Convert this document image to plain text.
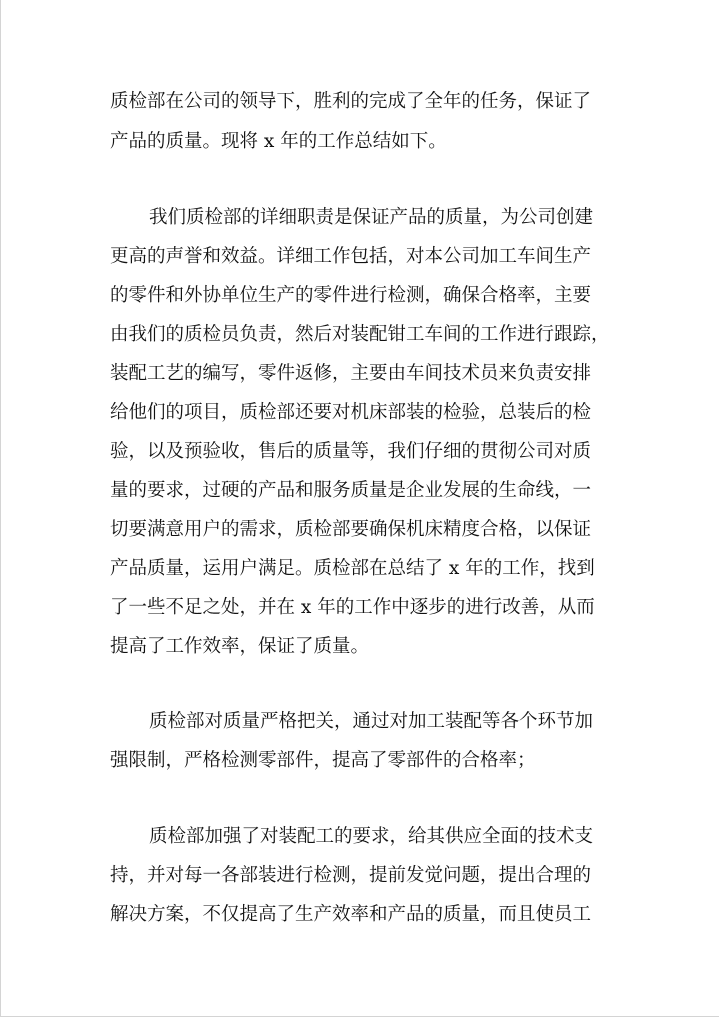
质检部在公司的领导下，胜利的完成了全年的任务，保证了
产品的质量。现将 x 年的工作总结如下。
我们质检部的详细职责是保证产品的质量，为公司创建
更高的声誉和效益。详细工作包括，对本公司加工车间生产
的零件和外协单位生产的零件进行检测，确保合格率，主要
由我们的质检员负责，然后对装配钳工车间的工作进行跟踪，
装配工艺的编写，零件返修，主要由车间技术员来负责安排
给他们的项目，质检部还要对机床部装的检验，总装后的检
验，以及预验收，售后的质量等，我们仔细的贯彻公司对质
量的要求，过硬的产品和服务质量是企业发展的生命线，一
切要满意用户的需求，质检部要确保机床精度合格，以保证
产品质量，运用户满足。质检部在总结了 x 年的工作，找到
了一些不足之处，并在 x 年的工作中逐步的进行改善，从而
提高了工作效率，保证了质量。
质检部对质量严格把关，通过对加工装配等各个环节加
强限制，严格检测零部件，提高了零部件的合格率；
质检部加强了对装配工的要求，给其供应全面的技术支
持，并对每一各部装进行检测，提前发觉问题，提出合理的
解决方案，不仅提高了生产效率和产品的质量，而且使员工
